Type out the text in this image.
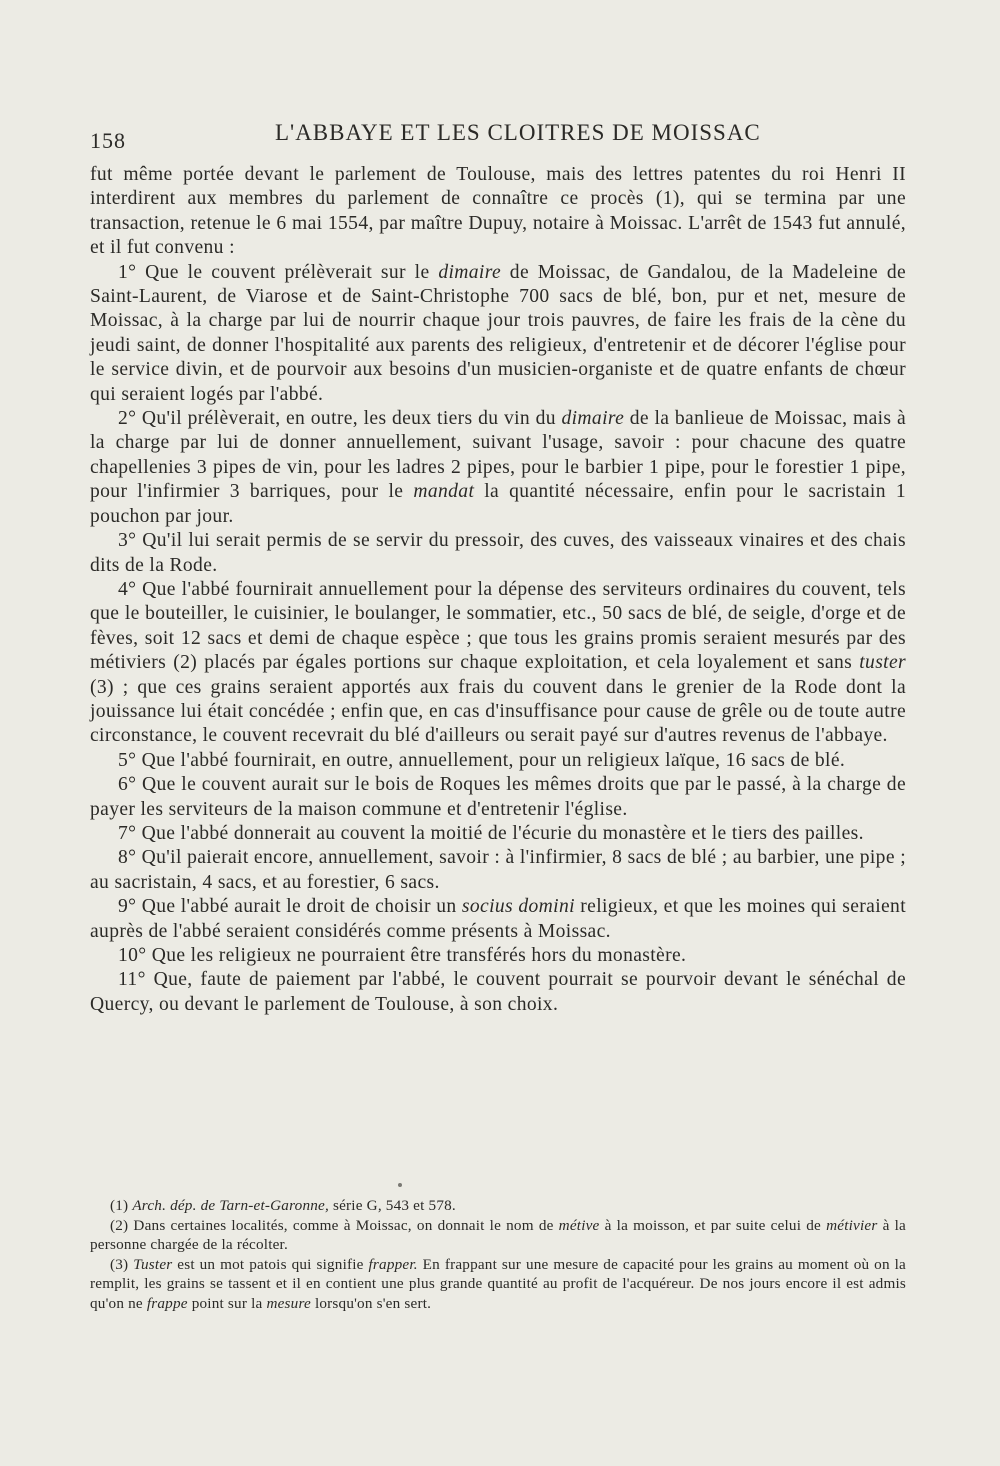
158	L'ABBAYE ET LES CLOITRES DE MOISSAC

fut même portée devant le parlement de Toulouse, mais des lettres patentes du roi Henri II interdirent aux membres du parlement de connaître ce procès (1), qui se termina par une transaction, retenue le 6 mai 1554, par maître Dupuy, notaire à Moissac. L'arrêt de 1543 fut annulé, et il fut convenu :

1° Que le couvent prélèverait sur le dimaire de Moissac, de Gandalou, de la Madeleine de Saint-Laurent, de Viarose et de Saint-Christophe 700 sacs de blé, bon, pur et net, mesure de Moissac, à la charge par lui de nourrir chaque jour trois pauvres, de faire les frais de la cène du jeudi saint, de donner l'hospitalité aux parents des religieux, d'entretenir et de décorer l'église pour le service divin, et de pourvoir aux besoins d'un musicien-organiste et de quatre enfants de chœur qui seraient logés par l'abbé.

2° Qu'il prélèverait, en outre, les deux tiers du vin du dimaire de la banlieue de Moissac, mais à la charge par lui de donner annuellement, suivant l'usage, savoir : pour chacune des quatre chapellenies 3 pipes de vin, pour les ladres 2 pipes, pour le barbier 1 pipe, pour le forestier 1 pipe, pour l'infirmier 3 barriques, pour le mandat la quantité nécessaire, enfin pour le sacristain 1 pouchon par jour.

3° Qu'il lui serait permis de se servir du pressoir, des cuves, des vaisseaux vinaires et des chais dits de la Rode.

4° Que l'abbé fournirait annuellement pour la dépense des serviteurs ordinaires du couvent, tels que le bouteiller, le cuisinier, le boulanger, le sommatier, etc., 50 sacs de blé, de seigle, d'orge et de fèves, soit 12 sacs et demi de chaque espèce ; que tous les grains promis seraient mesurés par des métiviers (2) placés par égales portions sur chaque exploitation, et cela loyalement et sans tuster (3) ; que ces grains seraient apportés aux frais du couvent dans le grenier de la Rode dont la jouissance lui était concédée ; enfin que, en cas d'insuffisance pour cause de grêle ou de toute autre circonstance, le couvent recevrait du blé d'ailleurs ou serait payé sur d'autres revenus de l'abbaye.

5° Que l'abbé fournirait, en outre, annuellement, pour un religieux laïque, 16 sacs de blé.

6° Que le couvent aurait sur le bois de Roques les mêmes droits que par le passé, à la charge de payer les serviteurs de la maison commune et d'entretenir l'église.

7° Que l'abbé donnerait au couvent la moitié de l'écurie du monastère et le tiers des pailles.

8° Qu'il paierait encore, annuellement, savoir : à l'infirmier, 8 sacs de blé ; au barbier, une pipe ; au sacristain, 4 sacs, et au forestier, 6 sacs.

9° Que l'abbé aurait le droit de choisir un socius domini religieux, et que les moines qui seraient auprès de l'abbé seraient considérés comme présents à Moissac.

10° Que les religieux ne pourraient être transférés hors du monastère.

11° Que, faute de paiement par l'abbé, le couvent pourrait se pourvoir devant le sénéchal de Quercy, ou devant le parlement de Toulouse, à son choix.

(1) Arch. dép. de Tarn-et-Garonne, série G, 543 et 578.

(2) Dans certaines localités, comme à Moissac, on donnait le nom de métive à la moisson, et par suite celui de métivier à la personne chargée de la récolter.

(3) Tuster est un mot patois qui signifie frapper. En frappant sur une mesure de capacité pour les grains au moment où on la remplit, les grains se tassent et il en contient une plus grande quantité au profit de l'acquéreur. De nos jours encore il est admis qu'on ne frappe point sur la mesure lorsqu'on s'en sert.
